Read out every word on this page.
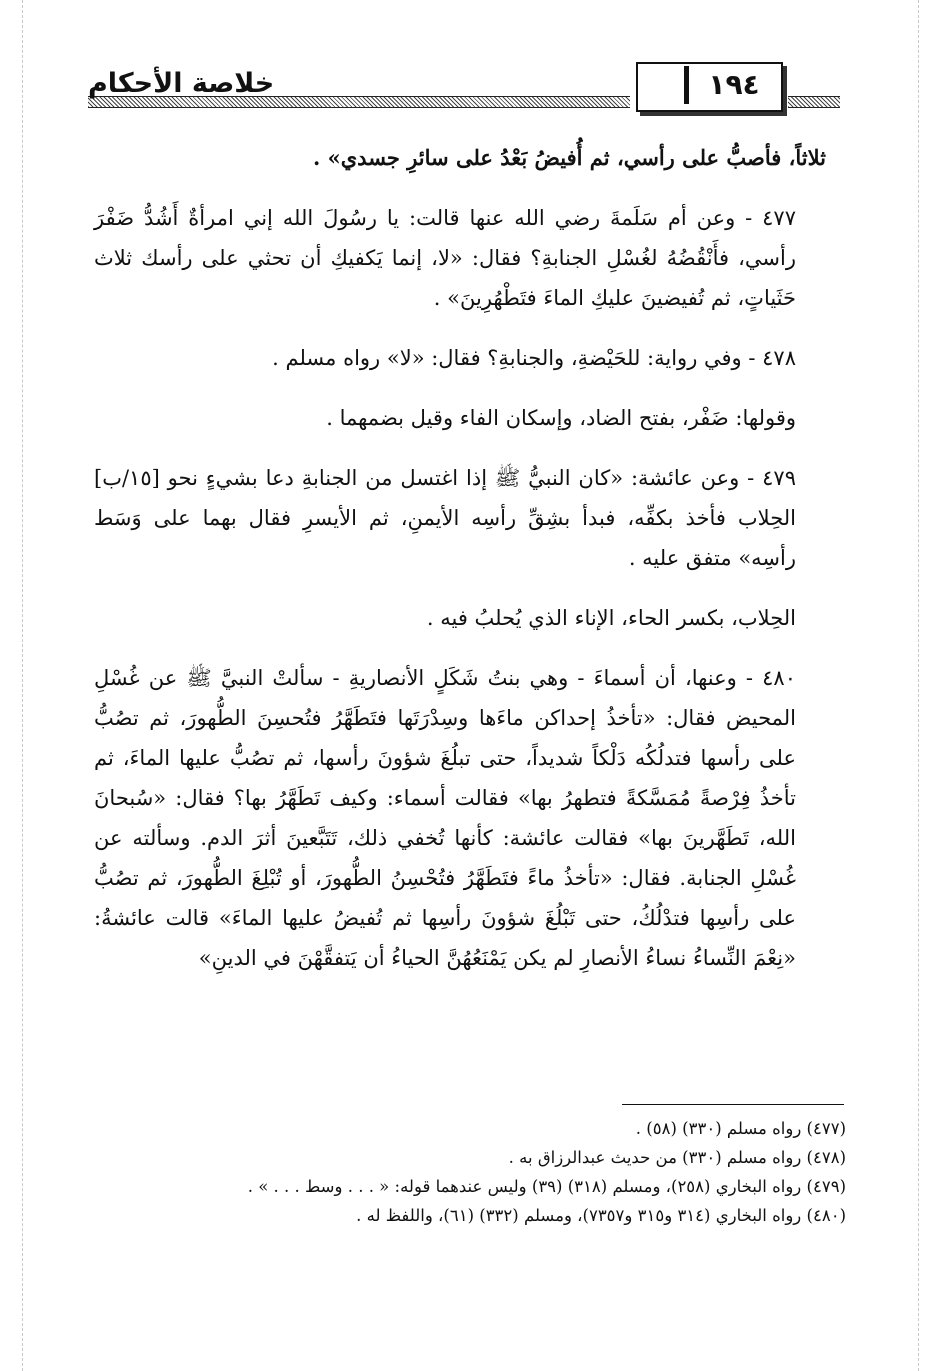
خلاصة الأحكام	١٩٤

ثلاثاً، فأصبُّ على رأسي، ثم أُفيضُ بَعْدُ على سائرِ جسدي» .

٤٧٧ - وعن أم سَلَمةَ رضي الله عنها قالت: يا رسُولَ الله إني امرأةٌ أَشُدُّ ضَفْرَ رأسي، فأَنْقُضُهُ لغُسْلِ الجنابةِ؟ فقال: «لا، إنما يَكفيكِ أن تحثي على رأسك ثلاث حَثَياتٍ، ثم تُفيضينَ عليكِ الماءَ فتَطْهُرِينَ» .

٤٧٨ - وفي رواية: للحَيْضةِ، والجنابةِ؟ فقال: «لا» رواه مسلم .

وقولها: ضَفْر، بفتح الضاد، وإسكان الفاء وقيل بضمهما .

٤٧٩ - وعن عائشة: «كان النبيُّ ﷺ إذا اغتسل من الجنابةِ دعا بشيءٍ نحو [١٥/ب] الحِلاب فأخذ بكفِّه، فبدأ بشِقِّ رأسِه الأيمنِ، ثم الأيسرِ فقال بهما على وَسَط رأسِه» متفق عليه .

الحِلاب، بكسر الحاء، الإناء الذي يُحلبُ فيه .

٤٨٠ - وعنها، أن أسماءَ - وهي بنتُ شَكَلٍ الأنصاريةِ - سألتْ النبيَّ ﷺ عن غُسْلِ المحيض فقال: «تأخذُ إحداكن ماءَها وسِدْرَتَها فتَطَهَّرُ فتُحسِنَ الطُّهورَ، ثم تصُبُّ على رأسها فتدلُكُه دَلْكاً شديداً، حتى تبلُغَ شؤونَ رأسها، ثم تصُبُّ عليها الماءَ، ثم تأخذُ فِرْصةً مُمَسَّكةً فتطهرُ بها» فقالت أسماء: وكيف تَطَهَّرُ بها؟ فقال: «سُبحانَ الله، تَطَهَّرينَ بها» فقالت عائشة: كأنها تُخفي ذلك، تَتَبَّعينَ أثرَ الدم. وسألته عن غُسْلِ الجنابة. فقال: «تأخذُ ماءً فتَطَهَّرُ فتُحْسِنُ الطُّهورَ، أو تُبْلِغَ الطُّهورَ، ثم تصُبُّ على رأسِها فتدْلُكُ، حتى تَبْلُغَ شؤونَ رأسِها ثم تُفيضُ عليها الماءَ» قالت عائشةُ: «نِعْمَ النِّساءُ نساءُ الأنصارِ لم يكن يَمْنَعُهُنَّ الحياءُ أن يَتفقَّهْنَ في الدينِ»

(٤٧٧) رواه مسلم (٣٣٠) (٥٨) .

(٤٧٨) رواه مسلم (٣٣٠) من حديث عبدالرزاق به .

(٤٧٩) رواه البخاري (٢٥٨)، ومسلم (٣١٨) (٣٩) وليس عندهما قوله: « . . . وسط . . . » .

(٤٨٠) رواه البخاري (٣١٤ و٣١٥ و٧٣٥٧)، ومسلم (٣٣٢) (٦١)، واللفظ له .
